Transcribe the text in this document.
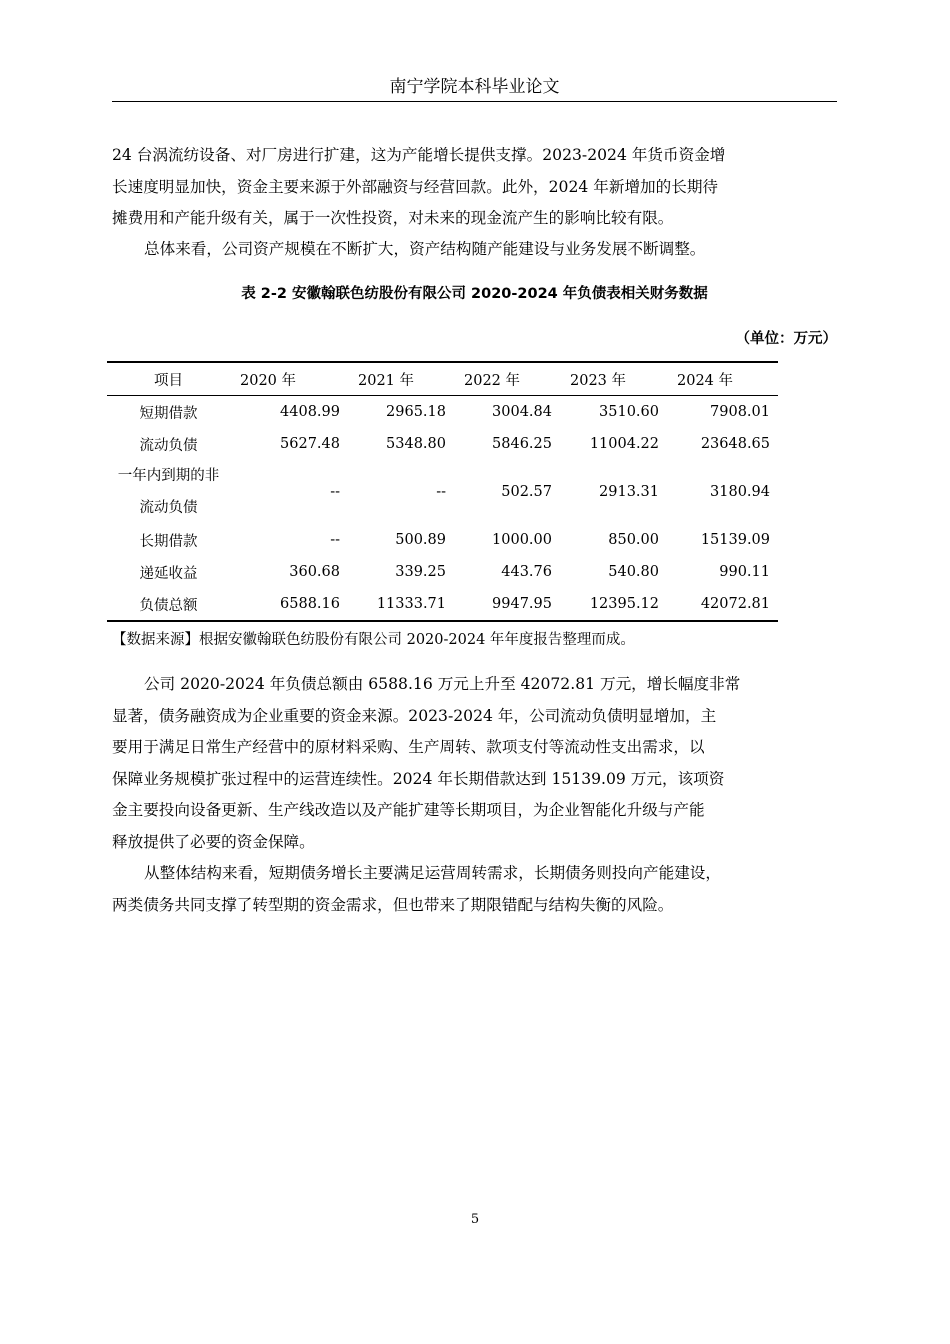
南宁学院本科毕业论文
24 台涡流纺设备、对厂房进行扩建，这为产能增长提供支撑。2023-2024 年货币资金增
长速度明显加快，资金主要来源于外部融资与经营回款。此外，2024 年新增加的长期待
摊费用和产能升级有关，属于一次性投资，对未来的现金流产生的影响比较有限。
总体来看，公司资产规模在不断扩大，资产结构随产能建设与业务发展不断调整。
表 2-2 安徽翰联色纺股份有限公司 2020-2024 年负债表相关财务数据
（单位：万元）
项目	2020 年	2021 年	2022 年	2023 年	2024 年
短期借款	4408.99	2965.18	3004.84	3510.60	7908.01
流动负债	5627.48	5348.80	5846.25	11004.22	23648.65

一年内到期的非
流动负债	--	--	502.57	2913.31	3180.94
长期借款	--	500.89	1000.00	850.00	15139.09
递延收益	360.68	339.25	443.76	540.80	990.11
负债总额	6588.16	11333.71	9947.95	12395.12	42072.81
【数据来源】根据安徽翰联色纺股份有限公司 2020-2024 年年度报告整理而成。
公司 2020-2024 年负债总额由 6588.16 万元上升至 42072.81 万元，增长幅度非常
显著，债务融资成为企业重要的资金来源。2023-2024 年，公司流动负债明显增加，主
要用于满足日常生产经营中的原材料采购、生产周转、款项支付等流动性支出需求，以
保障业务规模扩张过程中的运营连续性。2024 年长期借款达到 15139.09 万元，该项资
金主要投向设备更新、生产线改造以及产能扩建等长期项目，为企业智能化升级与产能
释放提供了必要的资金保障。
从整体结构来看，短期债务增长主要满足运营周转需求，长期债务则投向产能建设，
两类债务共同支撑了转型期的资金需求，但也带来了期限错配与结构失衡的风险。
5
